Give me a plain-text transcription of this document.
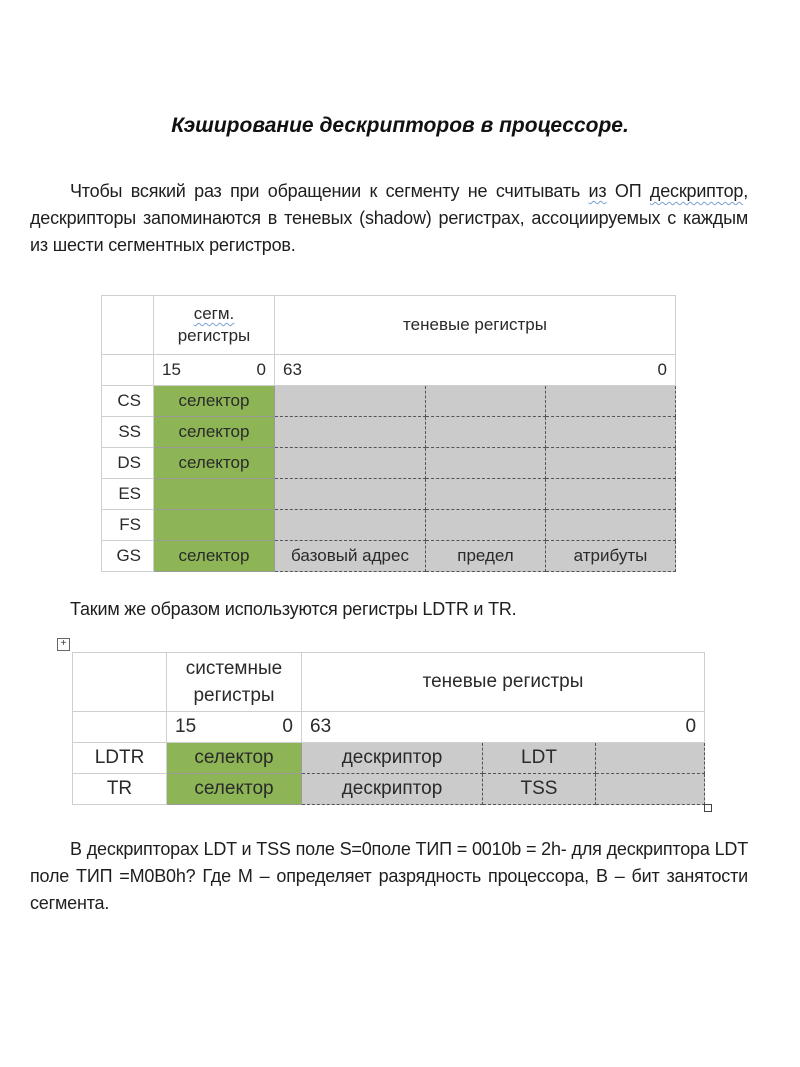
Кэширование дескрипторов в процессоре.
Чтобы всякий раз при обращении к сегменту не считывать из ОП дескриптор, дескрипторы запоминаются в теневых (shadow) регистрах, ассоциируемых с каждым из шести сегментных регистров.
	сегм.
регистры	теневые регистры		

	15 0	63 0		

CS	селектор			
SS	селектор			
DS	селектор			
ES				
FS				
GS	селектор	базовый адрес	предел	атрибуты
Таким же образом используются регистры LDTR и TR.
+
	системные регистры	теневые регистры		

	15 0	63 0		

LDTR	селектор	дескриптор	LDT	
TR	селектор	дескриптор	TSS	
В дескрипторах LDT и TSS поле S=0поле ТИП = 0010b = 2h- для дескриптора LDT поле ТИП =M0B0h? Где М – определяет разрядность процессора, В – бит занятости сегмента.
